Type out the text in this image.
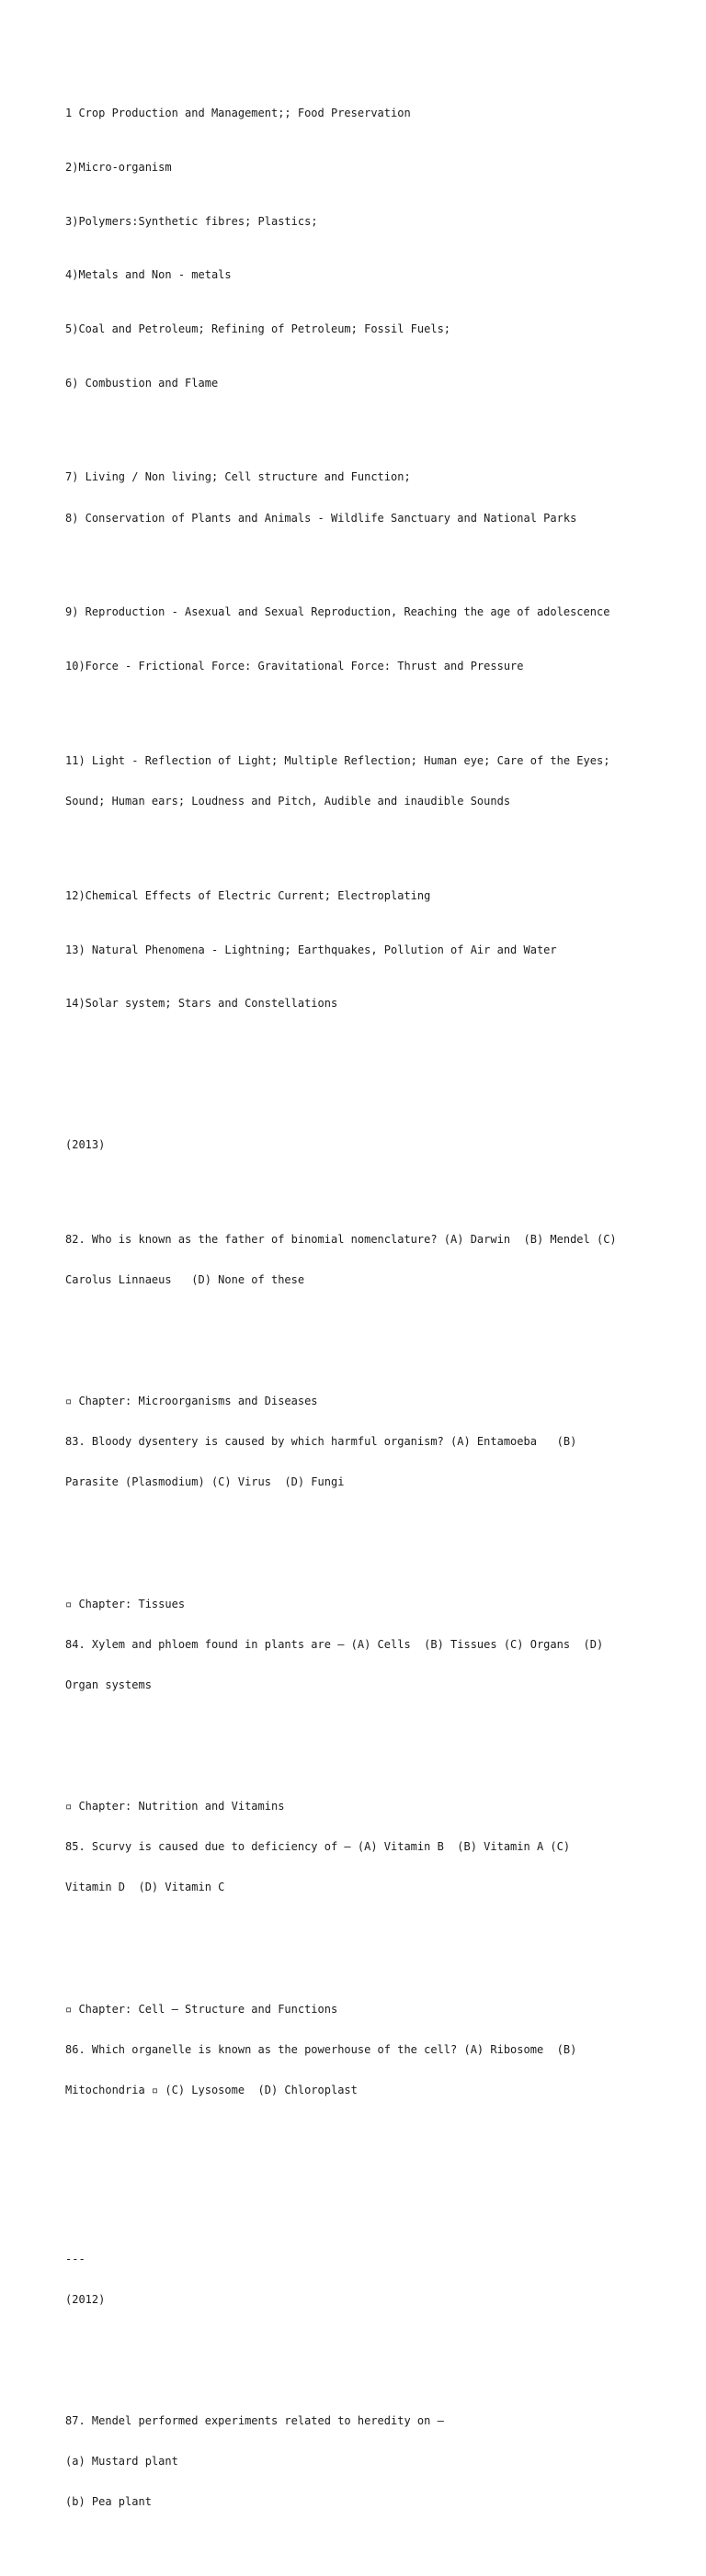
1 Crop Production and Management;; Food Preservation

2)Micro-organism

3)Polymers:Synthetic fibres; Plastics;

4)Metals and Non - metals

5)Coal and Petroleum; Refining of Petroleum; Fossil Fuels;

6) Combustion and Flame

7) Living / Non living; Cell structure and Function;

8) Conservation of Plants and Animals - Wildlife Sanctuary and National Parks

9) Reproduction - Asexual and Sexual Reproduction, Reaching the age of adolescence

10)Force - Frictional Force: Gravitational Force: Thrust and Pressure

11) Light - Reflection of Light; Multiple Reflection; Human eye; Care of the Eyes;

Sound; Human ears; Loudness and Pitch, Audible and inaudible Sounds

12)Chemical Effects of Electric Current; Electroplating

13) Natural Phenomena - Lightning; Earthquakes, Pollution of Air and Water

14)Solar system; Stars and Constellations

(2013)

82. Who is known as the father of binomial nomenclature? (A) Darwin  (B) Mendel (C)

Carolus Linnaeus   (D) None of these

▫ Chapter: Microorganisms and Diseases

83. Bloody dysentery is caused by which harmful organism? (A) Entamoeba   (B)

Parasite (Plasmodium) (C) Virus  (D) Fungi

▫ Chapter: Tissues

84. Xylem and phloem found in plants are — (A) Cells  (B) Tissues (C) Organs  (D)

Organ systems

▫ Chapter: Nutrition and Vitamins

85. Scurvy is caused due to deficiency of — (A) Vitamin B  (B) Vitamin A (C)

Vitamin D  (D) Vitamin C

▫ Chapter: Cell – Structure and Functions

86. Which organelle is known as the powerhouse of the cell? (A) Ribosome  (B)

Mitochondria ▫ (C) Lysosome  (D) Chloroplast

---

(2012)

87. Mendel performed experiments related to heredity on –

(a) Mustard plant

(b) Pea plant
